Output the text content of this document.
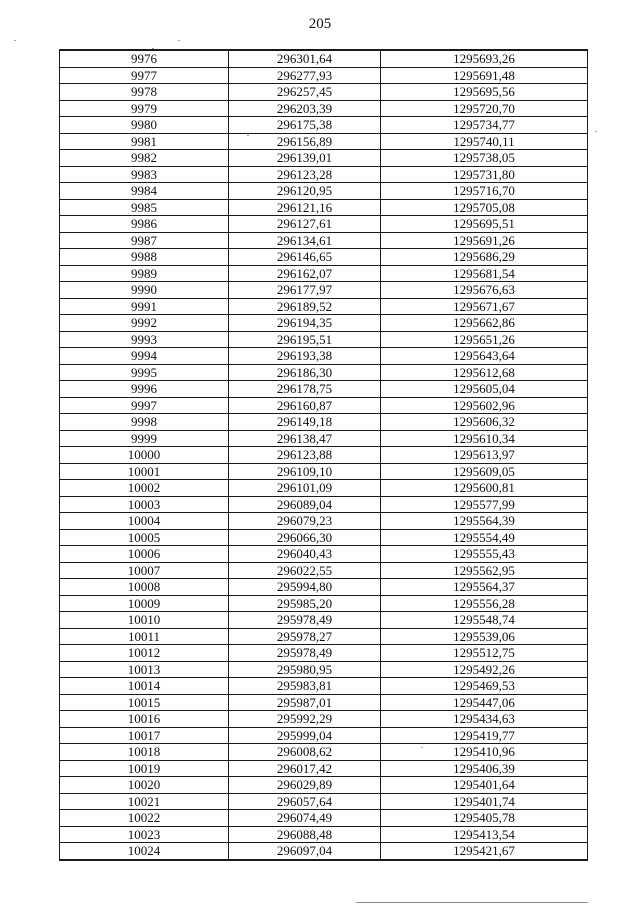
205
9976	296301,64	1295693,26
9977	296277,93	1295691,48
9978	296257,45	1295695,56
9979	296203,39	1295720,70
9980	296175,38	1295734,77
9981	296156,89	1295740,11
9982	296139,01	1295738,05
9983	296123,28	1295731,80
9984	296120,95	1295716,70
9985	296121,16	1295705,08
9986	296127,61	1295695,51
9987	296134,61	1295691,26
9988	296146,65	1295686,29
9989	296162,07	1295681,54
9990	296177,97	1295676,63
9991	296189,52	1295671,67
9992	296194,35	1295662,86
9993	296195,51	1295651,26
9994	296193,38	1295643,64
9995	296186,30	1295612,68
9996	296178,75	1295605,04
9997	296160,87	1295602,96
9998	296149,18	1295606,32
9999	296138,47	1295610,34
10000	296123,88	1295613,97
10001	296109,10	1295609,05
10002	296101,09	1295600,81
10003	296089,04	1295577,99
10004	296079,23	1295564,39
10005	296066,30	1295554,49
10006	296040,43	1295555,43
10007	296022,55	1295562,95
10008	295994,80	1295564,37
10009	295985,20	1295556,28
10010	295978,49	1295548,74
10011	295978,27	1295539,06
10012	295978,49	1295512,75
10013	295980,95	1295492,26
10014	295983,81	1295469,53
10015	295987,01	1295447,06
10016	295992,29	1295434,63
10017	295999,04	1295419,77
10018	296008,62	1295410,96
10019	296017,42	1295406,39
10020	296029,89	1295401,64
10021	296057,64	1295401,74
10022	296074,49	1295405,78
10023	296088,48	1295413,54
10024	296097,04	1295421,67
